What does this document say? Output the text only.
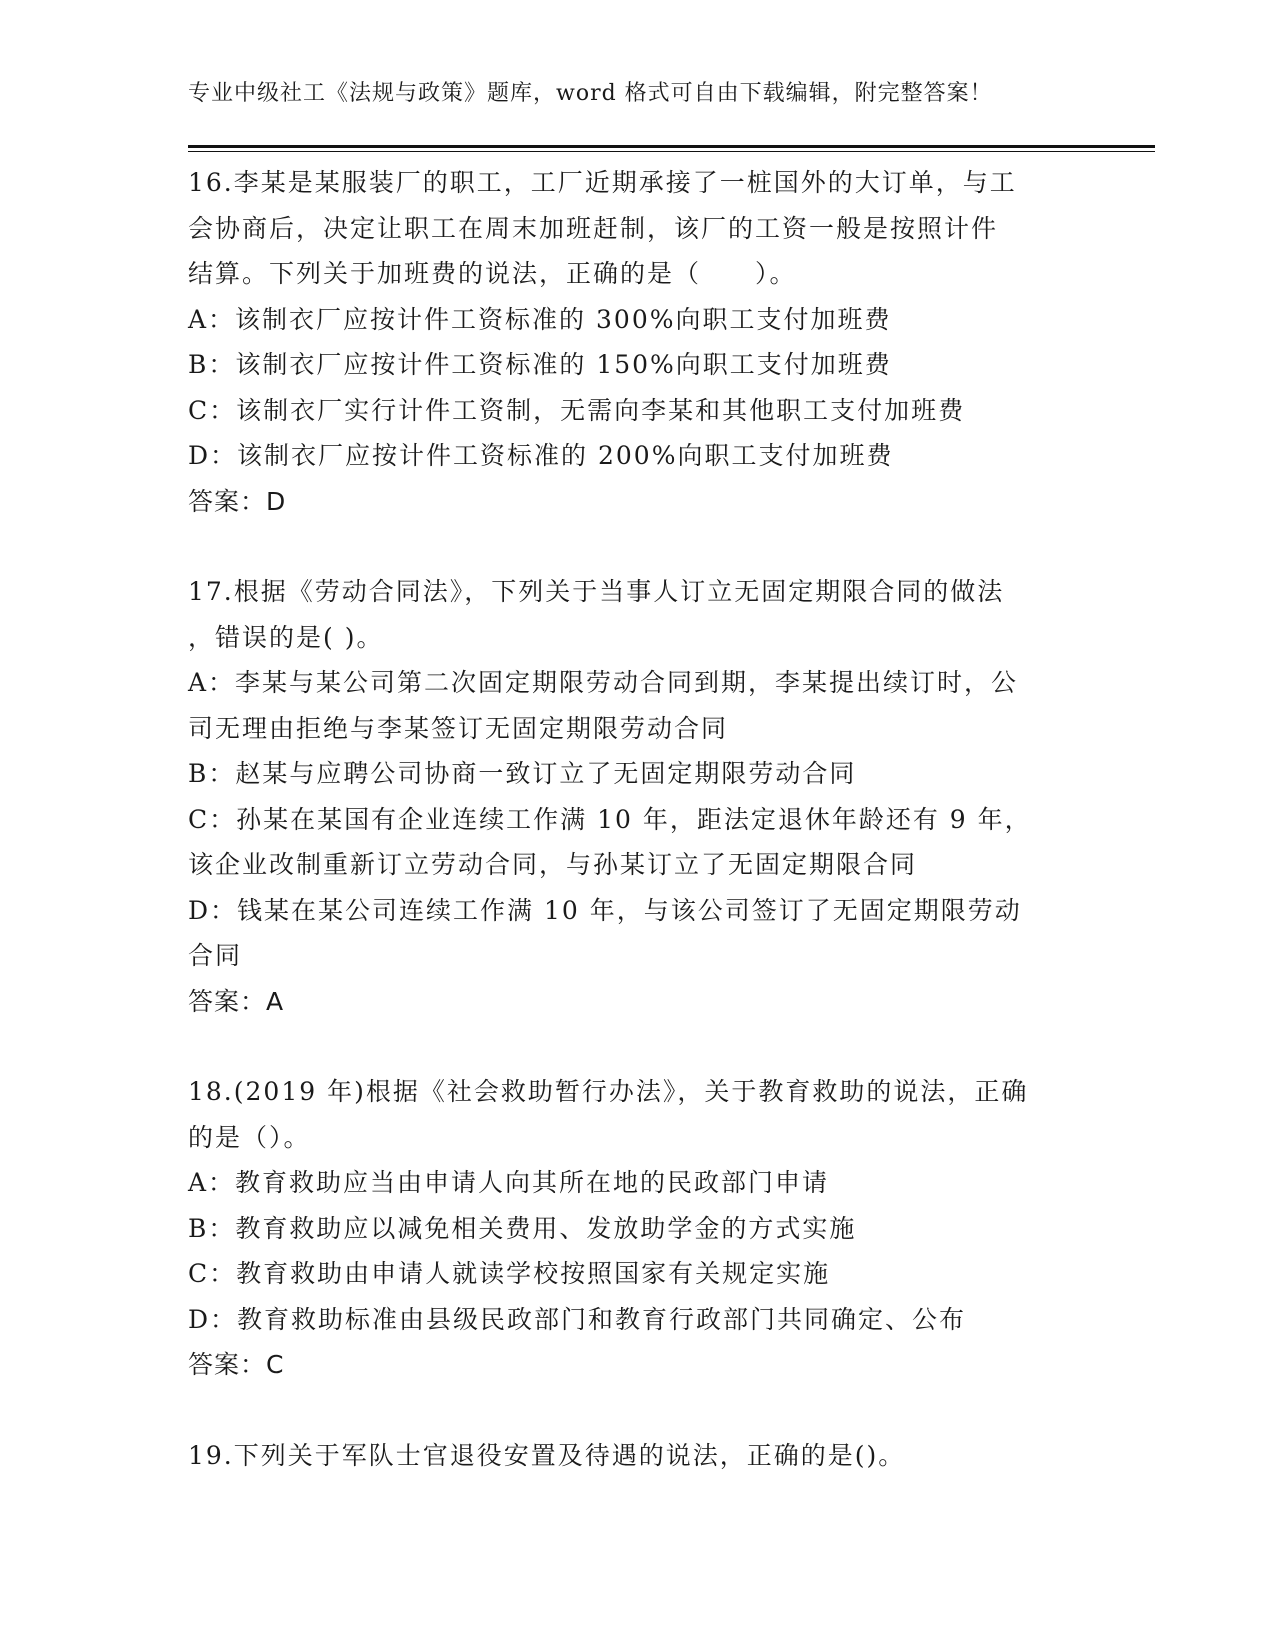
专业中级社工《法规与政策》题库，word 格式可自由下载编辑，附完整答案！
16.李某是某服装厂的职工，工厂近期承接了一桩国外的大订单，与工
会协商后，决定让职工在周末加班赶制，该厂的工资一般是按照计件
结算。下列关于加班费的说法，正确的是（　　）。
A：该制衣厂应按计件工资标准的 300%向职工支付加班费
B：该制衣厂应按计件工资标准的 150%向职工支付加班费
C：该制衣厂实行计件工资制，无需向李某和其他职工支付加班费
D：该制衣厂应按计件工资标准的 200%向职工支付加班费
答案：D
17.根据《劳动合同法》，下列关于当事人订立无固定期限合同的做法
，错误的是( )。
A：李某与某公司第二次固定期限劳动合同到期，李某提出续订时，公
司无理由拒绝与李某签订无固定期限劳动合同
B：赵某与应聘公司协商一致订立了无固定期限劳动合同
C：孙某在某国有企业连续工作满 10 年，距法定退休年龄还有 9 年，
该企业改制重新订立劳动合同，与孙某订立了无固定期限合同
D：钱某在某公司连续工作满 10 年，与该公司签订了无固定期限劳动
合同
答案：A
18.(2019 年)根据《社会救助暂行办法》，关于教育救助的说法，正确
的是（）。
A：教育救助应当由申请人向其所在地的民政部门申请
B：教育救助应以减免相关费用、发放助学金的方式实施
C：教育救助由申请人就读学校按照国家有关规定实施
D：教育救助标准由县级民政部门和教育行政部门共同确定、公布
答案：C
19.下列关于军队士官退役安置及待遇的说法，正确的是()。
